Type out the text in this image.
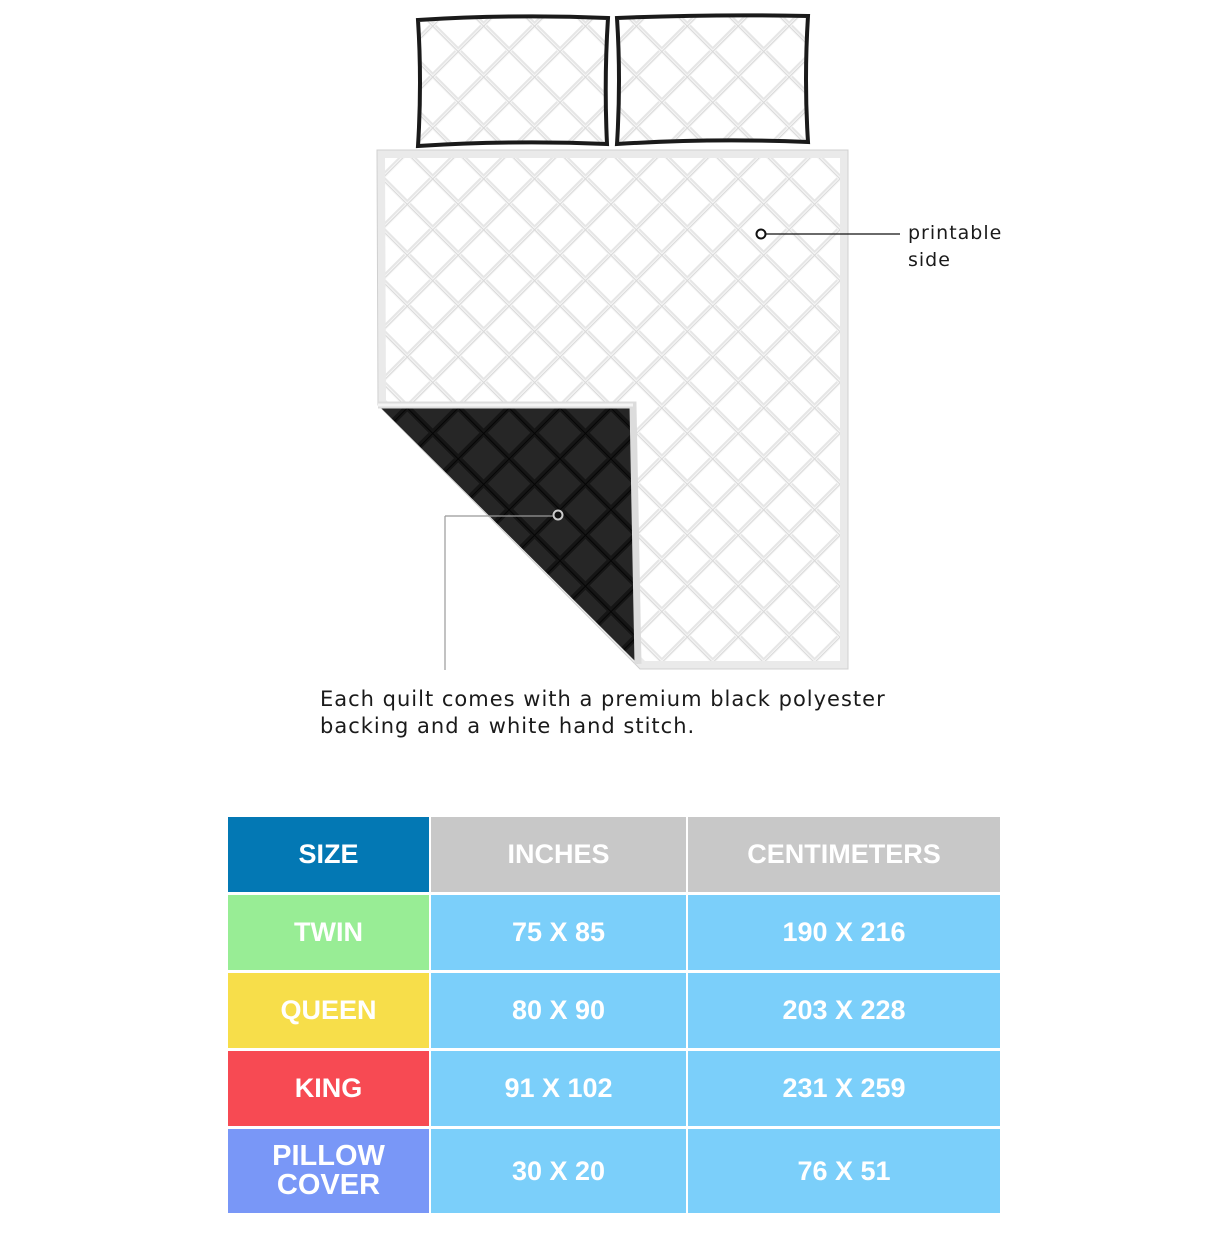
printable side
Each quilt comes with a premium black polyester backing and a white hand stitch.
SIZE	INCHES	CENTIMETERS
TWIN	75 X 85	190 X 216
QUEEN	80 X 90	203 X 228
KING	91 X 102	231 X 259

PILLOW COVER	30 X 20	76 X 51
